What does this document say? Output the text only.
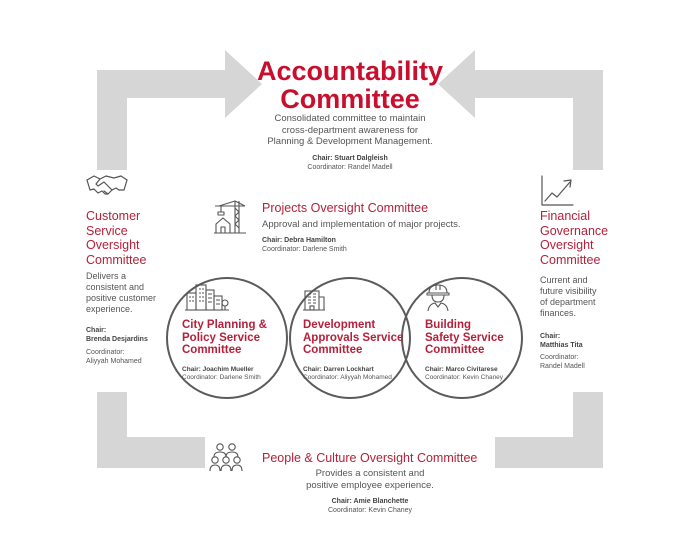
Accountability
Committee
Consolidated committee to maintain
cross-department awareness for
Planning & Development Management.
Chair: Stuart Dalgleish
Coordinator: Randel Madell
Customer
Service
Oversight
Committee
Delivers a
consistent and
positive customer
experience.
Chair:
Brenda Desjardins
Coordinator:
Aliyyah Mohamed
Financial
Governance
Oversight
Committee
Current and
future visibility
of department
finances.
Chair:
Matthias Tita
Coordinator:
Randel Madell
Projects Oversight Committee
Approval and implementation of major projects.
Chair: Debra Hamilton
Coordinator: Darlene Smith
City Planning &
Policy Service
Committee
Chair: Joachim Mueller
Coordinator: Darlene Smith
Development
Approvals Service
Committee
Chair: Darren Lockhart
Coordinator: Aliyyah Mohamed
Building
Safety Service
Committee
Chair: Marco Civitarese
Coordinator: Kevin Chaney
People & Culture Oversight Committee
Provides a consistent and
positive employee experience.
Chair: Amie Blanchette
Coordinator: Kevin Chaney
